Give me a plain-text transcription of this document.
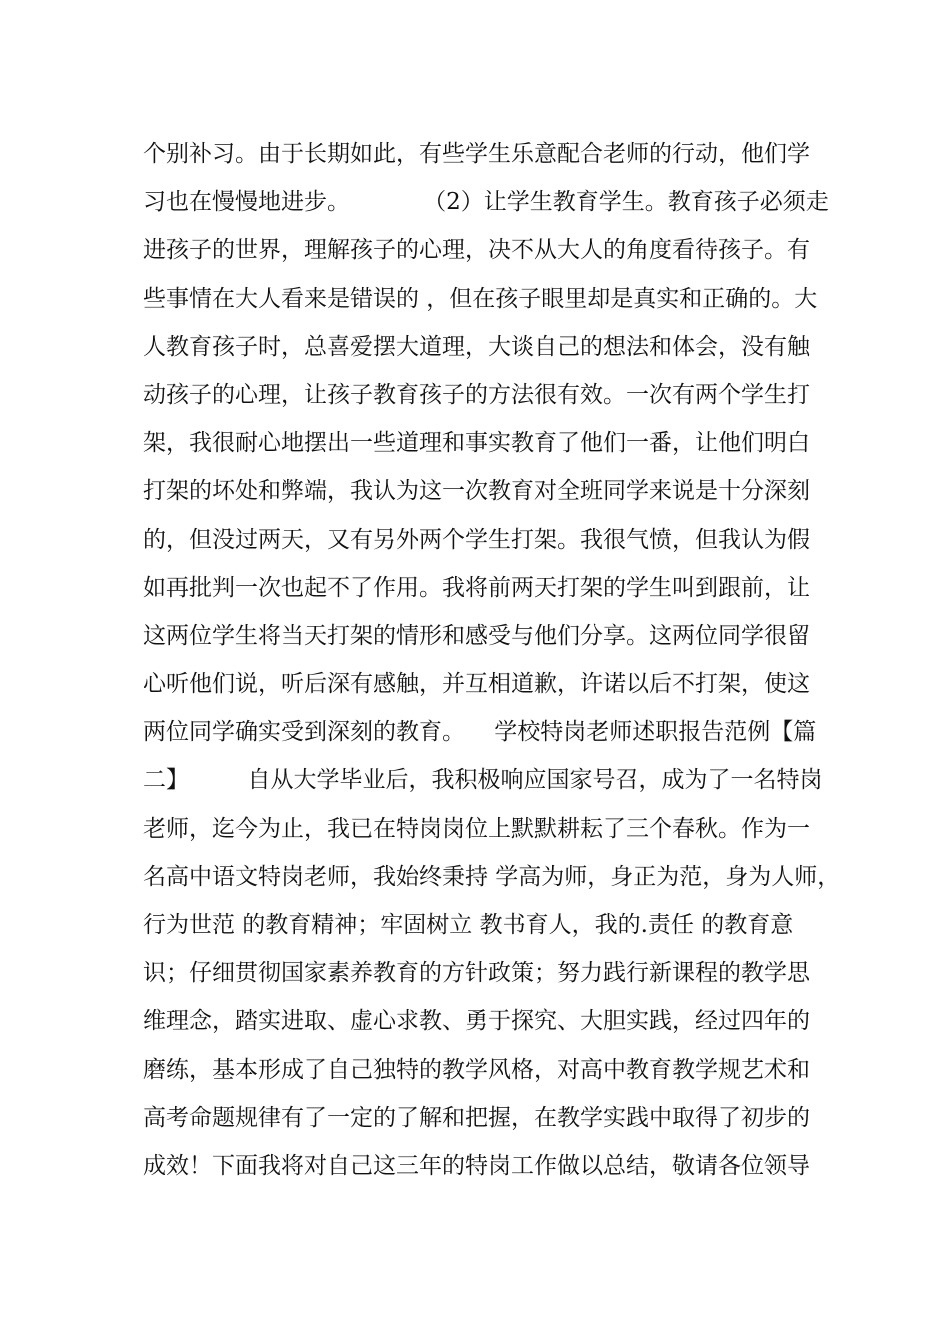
个别补习。由于长期如此，有些学生乐意配合老师的行动，他们学
习也在慢慢地进步。          （2）让学生教育学生。教育孩子必须走
进孩子的世界，理解孩子的心理，决不从大人的角度看待孩子。有
些事情在大人看来是错误的 ，但在孩子眼里却是真实和正确的。大
人教育孩子时，总喜爱摆大道理，大谈自己的想法和体会，没有触
动孩子的心理，让孩子教育孩子的方法很有效。一次有两个学生打
架，我很耐心地摆出一些道理和事实教育了他们一番，让他们明白
打架的坏处和弊端，我认为这一次教育对全班同学来说是十分深刻
的，但没过两天，又有另外两个学生打架。我很气愤，但我认为假
如再批判一次也起不了作用。我将前两天打架的学生叫到跟前，让
这两位学生将当天打架的情形和感受与他们分享。这两位同学很留
心听他们说，听后深有感触，并互相道歉，许诺以后不打架，使这
两位同学确实受到深刻的教育。    学校特岗老师述职报告范例【篇
二】        自从大学毕业后，我积极响应国家号召，成为了一名特岗
老师，迄今为止，我已在特岗岗位上默默耕耘了三个春秋。作为一
名高中语文特岗老师，我始终秉持 学高为师，身正为范，身为人师，
行为世范 的教育精神；牢固树立 教书育人，我的.责任 的教育意
识；仔细贯彻国家素养教育的方针政策；努力践行新课程的教学思
维理念，踏实进取、虚心求教、勇于探究、大胆实践，经过四年的
磨练，基本形成了自己独特的教学风格，对高中教育教学规艺术和
高考命题规律有了一定的了解和把握，在教学实践中取得了初步的
成效！下面我将对自己这三年的特岗工作做以总结，敬请各位领导
